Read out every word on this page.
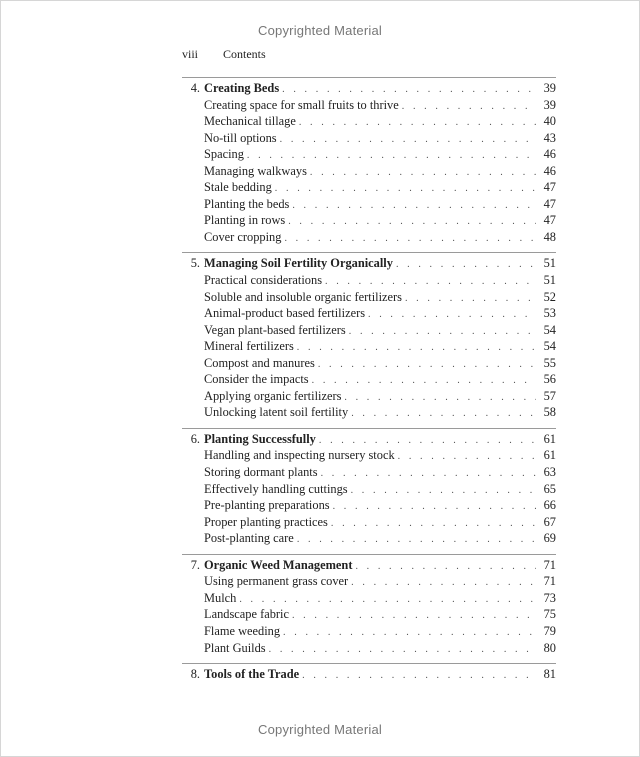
Copyrighted Material
viii Contents
4. Creating Beds . . .	39
Creating space for small fruits to thrive . . .	39
Mechanical tillage . . .	40
No-till options . . .	43
Spacing . . .	46
Managing walkways . . .	46
Stale bedding . . .	47
Planting the beds . . .	47
Planting in rows . . .	47
Cover cropping . . .	48
5. Managing Soil Fertility Organically . . .	51
Practical considerations . . .	51
Soluble and insoluble organic fertilizers . . .	52
Animal-product based fertilizers . . .	53
Vegan plant-based fertilizers . . .	54
Mineral fertilizers . . .	54
Compost and manures . . .	55
Consider the impacts . . .	56
Applying organic fertilizers . . .	57
Unlocking latent soil fertility . . .	58
6. Planting Successfully . . .	61
Handling and inspecting nursery stock . . .	61
Storing dormant plants . . .	63
Effectively handling cuttings . . .	65
Pre-planting preparations . . .	66
Proper planting practices . . .	67
Post-planting care . . .	69
7. Organic Weed Management . . .	71
Using permanent grass cover . . .	71
Mulch . . .	73
Landscape fabric . . .	75
Flame weeding . . .	79
Plant Guilds . . .	80
8. Tools of the Trade . . .	81
Copyrighted Material
